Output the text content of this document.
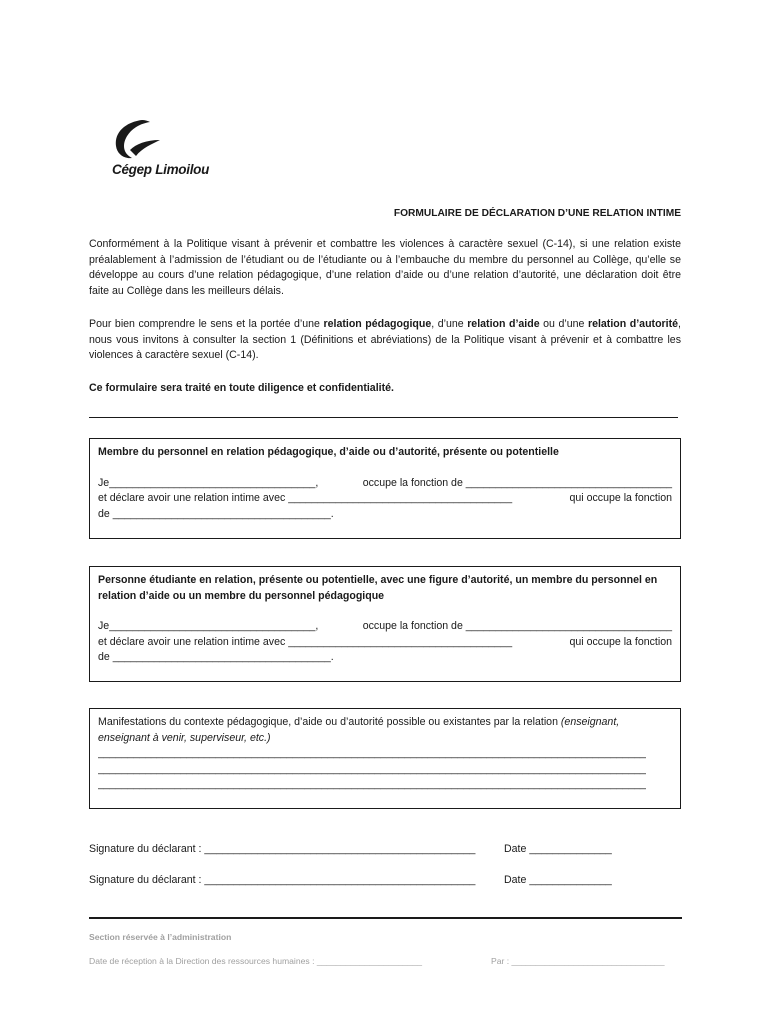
Cégep Limoilou
FORMULAIRE DE DÉCLARATION D’UNE RELATION INTIME
Conformément à la Politique visant à prévenir et combattre les violences à caractère sexuel (C-14), si une relation existe préalablement à l’admission de l’étudiant ou de l’étudiante ou à l’embauche du membre du personnel au Collège, qu’elle se développe au cours d’une relation pédagogique, d’une relation d’aide ou d’une relation d’autorité, une déclaration doit être faite au Collège dans les meilleurs délais.
Pour bien comprendre le sens et la portée d’une relation pédagogique, d’une relation d’aide ou d’une relation d’autorité, nous vous invitons à consulter la section 1 (Définitions et abréviations) de la Politique visant à prévenir et à combattre les violences à caractère sexuel (C-14).
Ce formulaire sera traité en toute diligence et confidentialité.
Membre du personnel en relation pédagogique, d’aide ou d’autorité, présente ou potentielle
Je___________________________________,	occupe la fonction de ___________________________________
et déclare avoir une relation intime avec ______________________________________	qui occupe la fonction
de _____________________________________.
Personne étudiante en relation, présente ou potentielle, avec une figure d’autorité, un membre du personnel en relation d’aide ou un membre du personnel pédagogique
Je___________________________________,	occupe la fonction de ___________________________________
et déclare avoir une relation intime avec ______________________________________	qui occupe la fonction
de _____________________________________.
Manifestations du contexte pédagogique, d’aide ou d’autorité possible ou existantes par la relation (enseignant, enseignant à venir, superviseur, etc.)
_____________________________________________________________________________________________
_____________________________________________________________________________________________
_____________________________________________________________________________________________
Signature du déclarant : ______________________________________________	Date ______________
Signature du déclarant : ______________________________________________	Date ______________
Section réservée à l’administration
Date de réception à la Direction des ressources humaines : ______________________	Par : ________________________________
